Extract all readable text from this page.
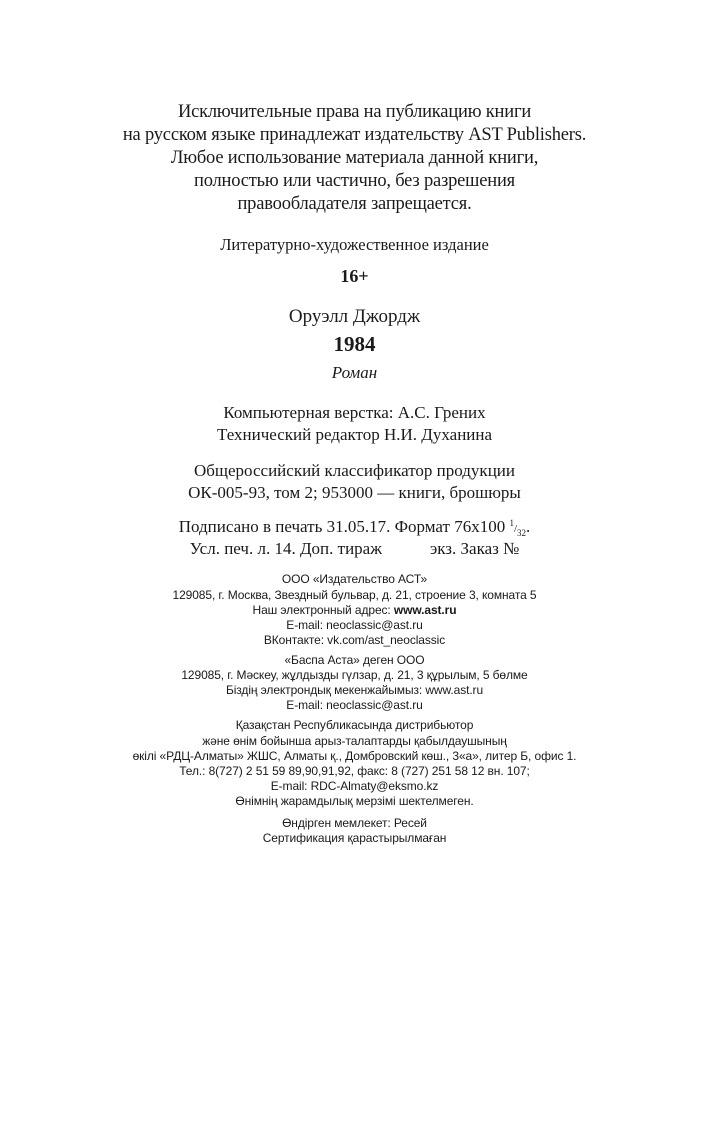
Исключительные права на публикацию книги
на русском языке принадлежат издательству AST Publishers.
Любое использование материала данной книги,
полностью или частично, без разрешения
правообладателя запрещается.
Литературно-художественное издание
16+
Оруэлл Джордж
1984
Роман
Компьютерная верстка: А.С. Грених
Технический редактор Н.И. Духанина
Общероссийский классификатор продукции
ОК-005-93, том 2; 953000 — книги, брошюры
Подписано в печать 31.05.17. Формат 76x100 $^1/_{32}$.
Усл. печ. л. 14. Доп. тираж	экз. Заказ №
ООО «Издательство АСТ»
129085, г. Москва, Звездный бульвар, д. 21, строение 3, комната 5
Наш электронный адрес: www.ast.ru
E-mail: neoclassic@ast.ru
ВКонтакте: vk.com/ast_neoclassic
«Баспа Аста» деген ООО
129085, г. Мәскеу, жұлдызды гүлзар, д. 21, 3 құрылым, 5 бөлме
Біздің электрондық мекенжайымыз: www.ast.ru
E-mail: neoclassic@ast.ru
Қазақстан Республикасында дистрибьютор
және өнім бойынша арыз-талаптарды қабылдаушының
өкілі «РДЦ-Алматы» ЖШС, Алматы қ., Домбровский көш., 3«а», литер Б, офис 1.
Тел.: 8(727) 2 51 59 89,90,91,92, факс: 8 (727) 251 58 12 вн. 107;
E-mail: RDC-Almaty@eksmo.kz
Өнімнің жарамдылық мерзімі шектелмеген.
Өндірген мемлекет: Ресей
Сертификация қарастырылмаған
